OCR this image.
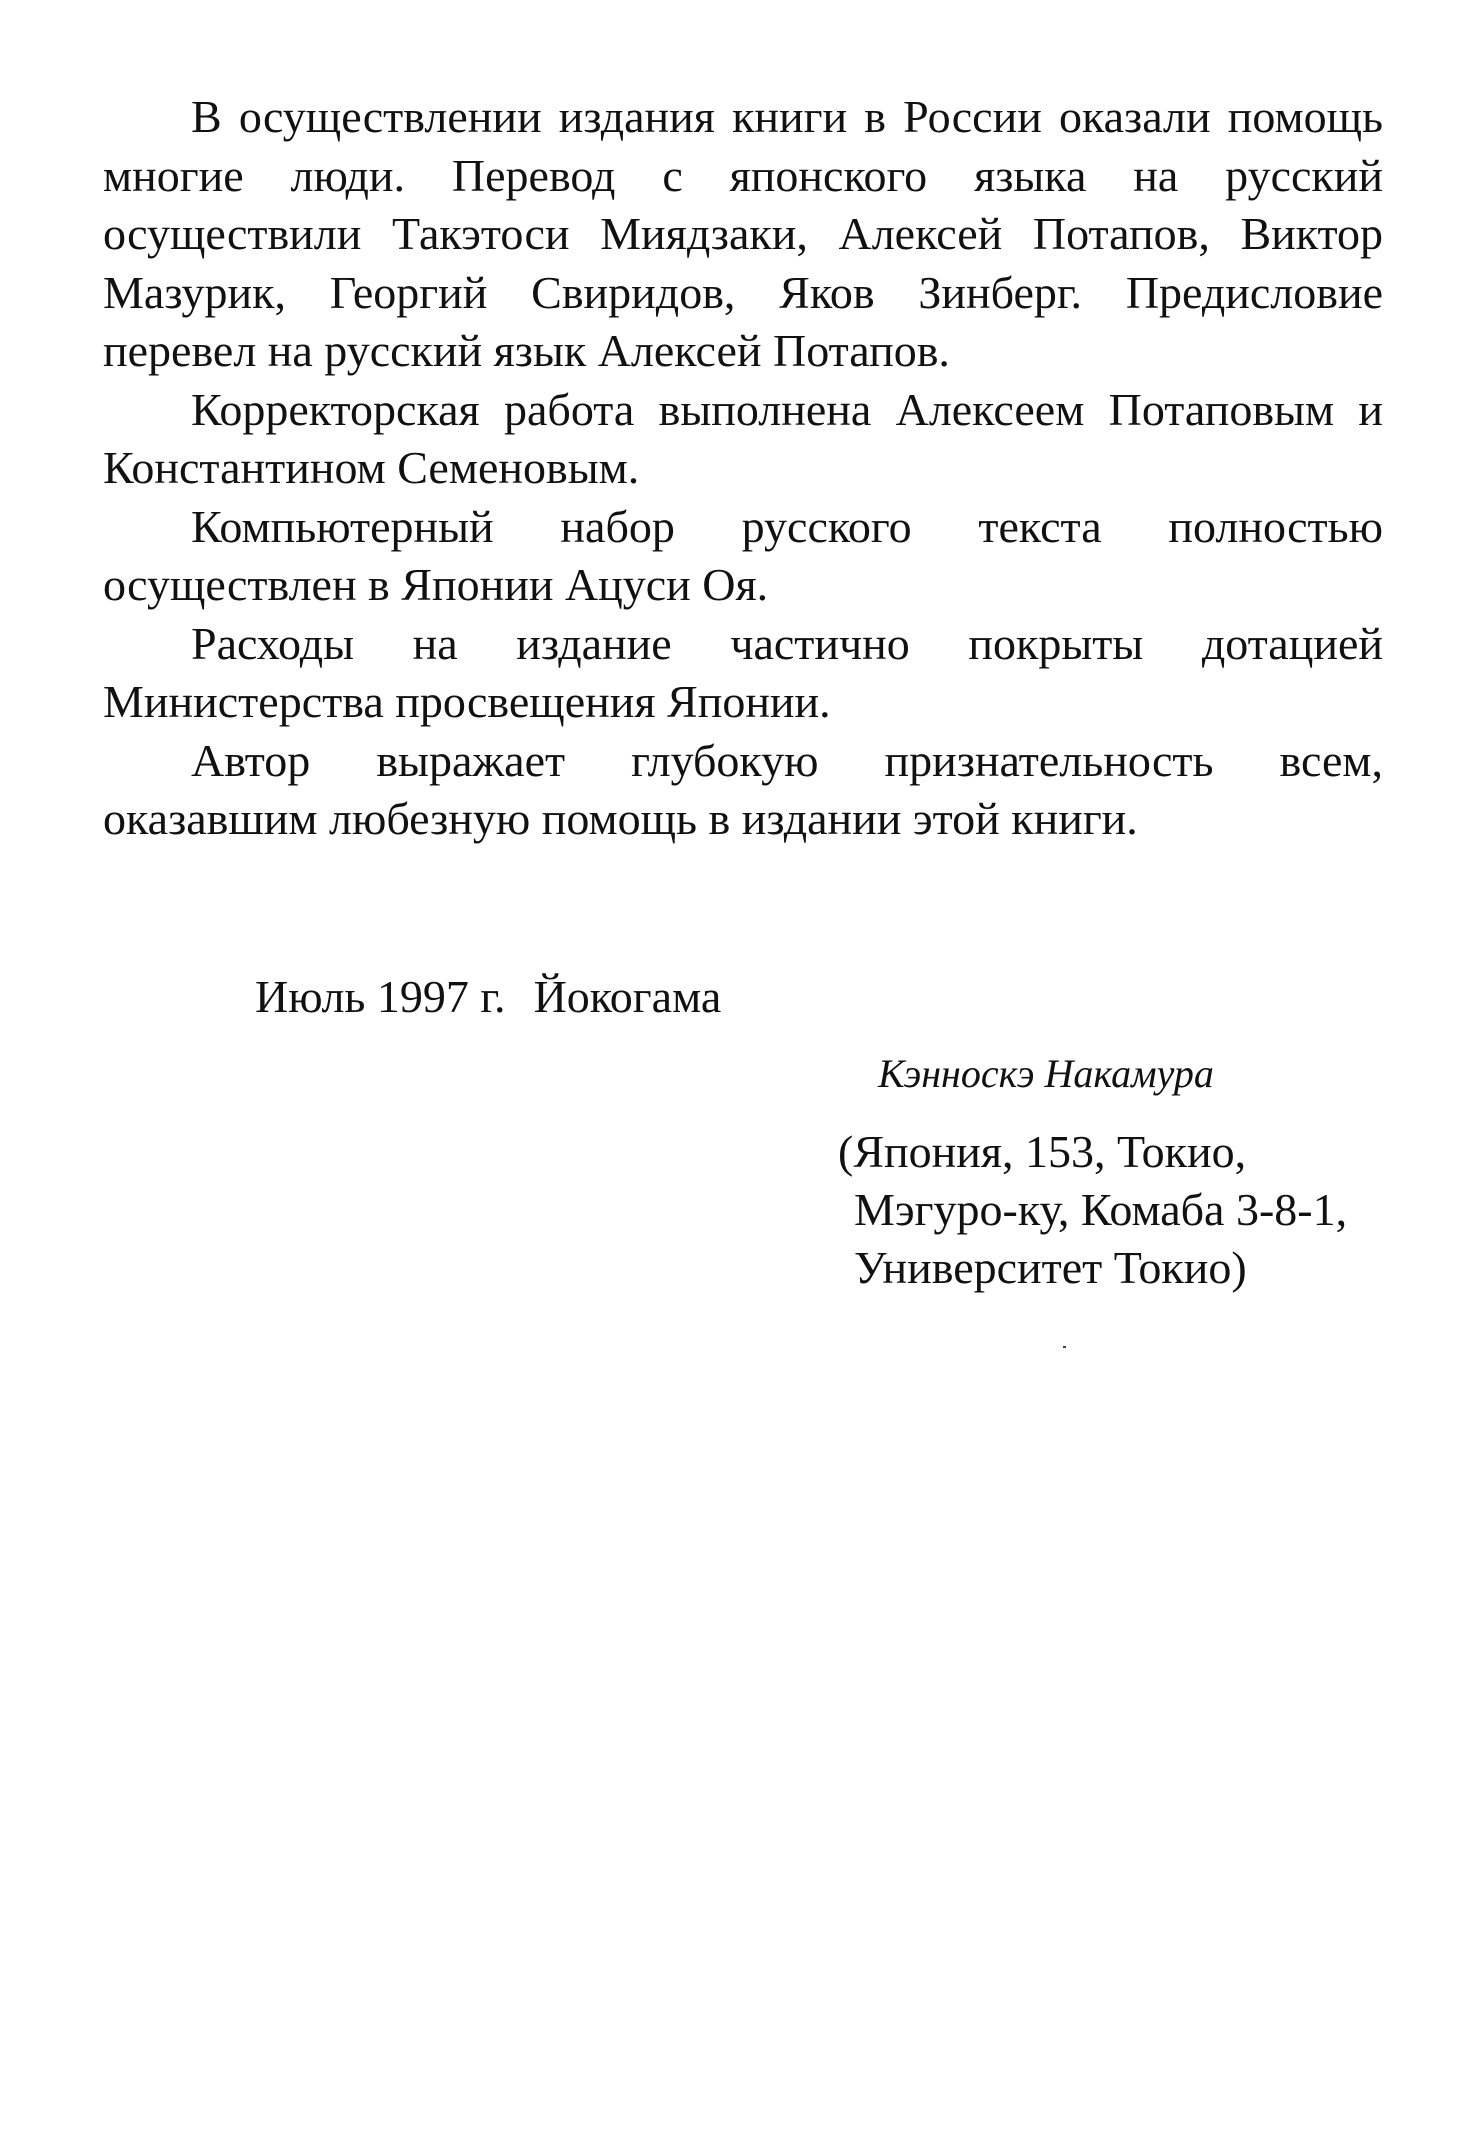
В осуществлении издания книги в России оказали помощь многие люди. Перевод с японского языка на русский осуществили Такэтоси Миядзаки, Алексей Потапов, Виктор Мазурик, Георгий Свиридов, Яков Зинберг. Предисловие перевел на русский язык Алексей Потапов.

Корректорская работа выполнена Алексеем Потаповым и Константином Семеновым.

Компьютерный набор русского текста полностью осуществлен в Японии Ацуси Оя.

Расходы на издание частично покрыты дотацией Министерства просвещения Японии.

Автор выражает глубокую признательность всем, оказавшим любезную помощь в издании этой книги.

Июль 1997 г. Йокогама
Кэнноскэ Накамура
(Япония, 153, Токио,
Мэгуро-ку, Комаба 3-8-1,
Университет Токио)
